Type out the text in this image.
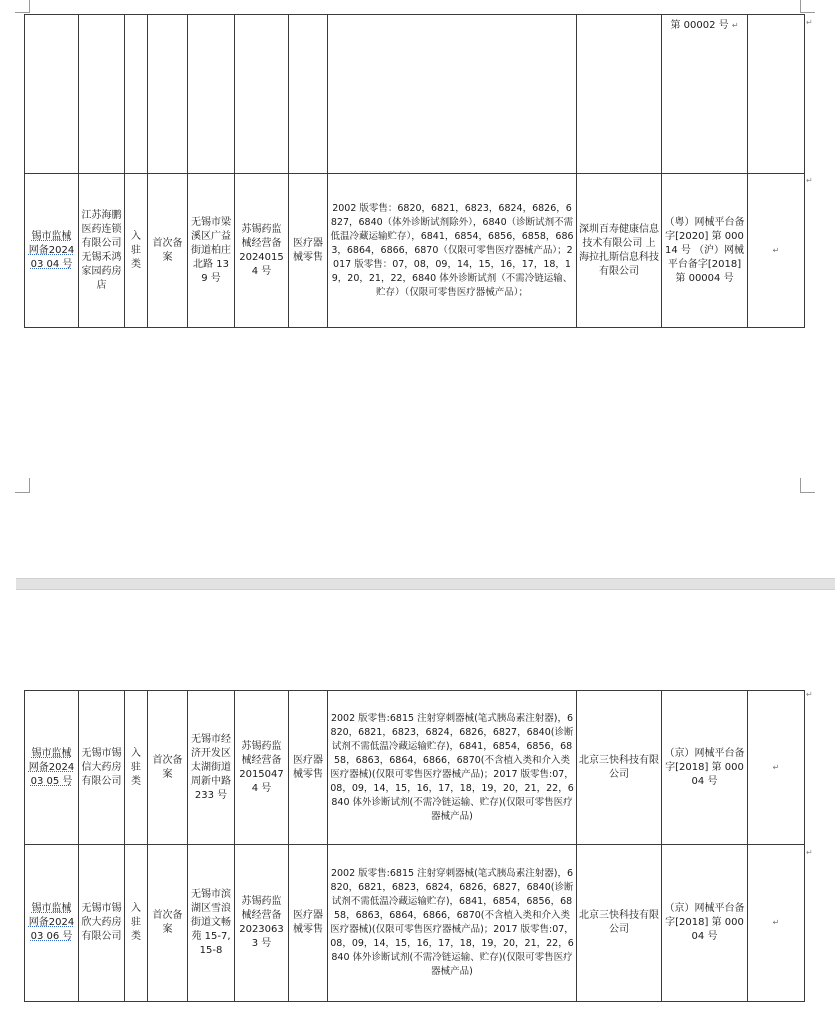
									第 00002 号 ↵	
锡市监械网备202403 04 号	江苏海鹏医药连锁有限公司无锡禾鸿家园药房店	入驻类	首次备案	无锡市梁溪区广益街道柏庄北路 139 号	苏锡药监械经营备 20240154 号	医疗器械零售	2002 版零售：6820，6821，6823，6824，6826，6827，6840（体外诊断试剂除外），6840（诊断试剂不需低温冷藏运输贮存），6841，6854，6856，6858，6863，6864，6866，6870（仅限可零售医疗器械产品）；2017 版零售：07，08，09，14，15，16，17，18，19，20，21，22，6840 体外诊断试剂（不需冷链运输、贮存）（仅限可零售医疗器械产品）；	深圳百寿健康信息技术有限公司 上海拉扎斯信息科技有限公司	（粤）网械平台备字[2020] 第 00014 号 （沪）网械平台备字[2018] 第 00004 号	↵
锡市监械网备202403 05 号	无锡市锡信大药房有限公司	入驻类	首次备案	无锡市经济开发区太湖街道周新中路 233 号	苏锡药监械经营备 20150474 号	医疗器械零售	2002 版零售:6815 注射穿刺器械(笔式胰岛素注射器)，6820，6821，6823，6824，6826，6827，6840(诊断试剂不需低温冷藏运输贮存)，6841，6854，6856，6858，6863，6864，6866，6870(不含植入类和介入类医疗器械)(仅限可零售医疗器械产品)；2017 版零售:07，08，09，14，15，16，17，18，19，20，21，22，6840 体外诊断试剂(不需冷链运输、贮存)(仅限可零售医疗器械产品)	北京三快科技有限公司	（京）网械平台备字[2018] 第 00004 号	↵
锡市监械网备202403 06 号	无锡市锡欣大药房有限公司	入驻类	首次备案	无锡市滨湖区雪浪街道文畅苑 15-7,15-8	苏锡药监械经营备 20230633 号	医疗器械零售	2002 版零售:6815 注射穿刺器械(笔式胰岛素注射器)，6820，6821，6823，6824，6826，6827，6840(诊断试剂不需低温冷藏运输贮存)，6841，6854，6856，6858，6863，6864，6866，6870(不含植入类和介入类医疗器械)(仅限可零售医疗器械产品)；2017 版零售:07，08，09，14，15，16，17，18，19，20，21，22，6840 体外诊断试剂(不需冷链运输、贮存)(仅限可零售医疗器械产品)	北京三快科技有限公司	（京）网械平台备字[2018] 第 00004 号	↵
↵
↵
↵
↵
